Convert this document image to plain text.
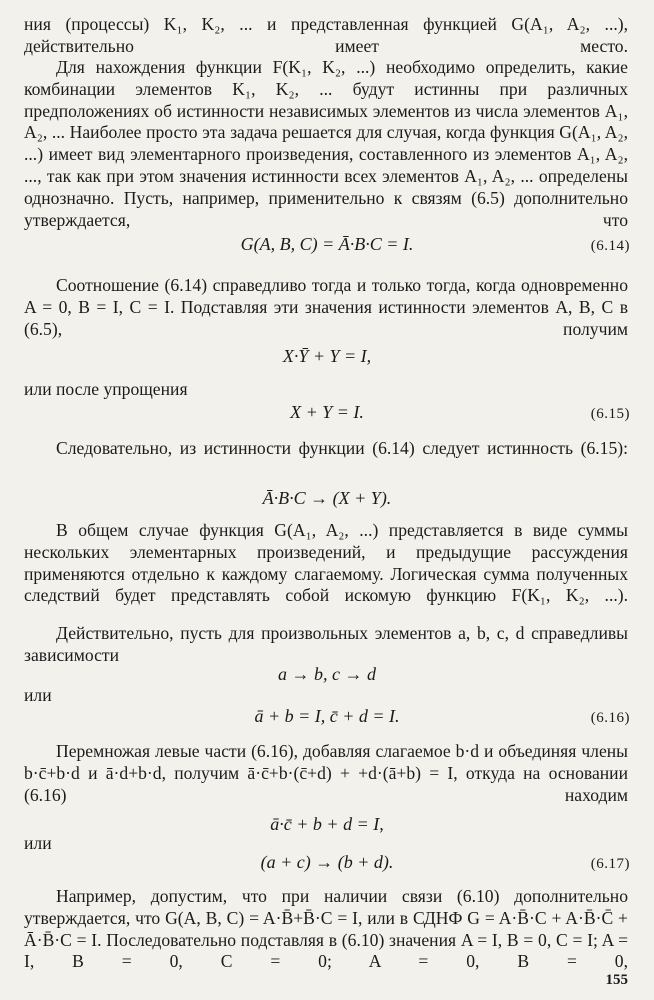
ния (процессы) K₁, K₂, ... и представленная функцией G(A₁, A₂, ...), действительно имеет место.

Для нахождения функции F(K₁, K₂, ...) необходимо определить, какие комбинации элементов K₁, K₂, ... будут истинны при различных предположениях об истинности независимых элементов из числа элементов A₁, A₂, ... Наиболее просто эта задача решается для случая, когда функция G(A₁, A₂, ...) имеет вид элементарного произведения, составленного из элементов A₁, A₂, ..., так как при этом значения истинности всех элементов A₁, A₂, ... определены однозначно. Пусть, например, применительно к связям (6.5) дополнительно утверждается, что

G(A, B, C) = Ā·B·C = I.	(6.14)

Соотношение (6.14) справедливо тогда и только тогда, когда одновременно A = 0, B = I, C = I. Подставляя эти значения истинности элементов A, B, C в (6.5), получим

X·Ȳ + Y = I,

или после упрощения

X + Y = I.	(6.15)

Следовательно, из истинности функции (6.14) следует истинность (6.15):

Ā·B·C → (X + Y).

В общем случае функция G(A₁, A₂, ...) представляется в виде суммы нескольких элементарных произведений, и предыдущие рассуждения применяются отдельно к каждому слагаемому. Логическая сумма полученных следствий будет представлять собой искомую функцию F(K₁, K₂, ...).

Действительно, пусть для произвольных элементов a, b, c, d справедливы зависимости

a → b, c → d

или

ā + b = I, c̄ + d = I.	(6.16)

Перемножая левые части (6.16), добавляя слагаемое b·d и объединяя члены b·c̄+b·d и ā·d+b·d, получим ā·c̄+b·(c̄+d) + +d·(ā+b) = I, откуда на основании (6.16) находим

ā·c̄ + b + d = I,

или

(a + c) → (b + d).	(6.17)

Например, допустим, что при наличии связи (6.10) дополнительно утверждается, что G(A, B, C) = A·B̄+B̄·C = I, или в СДНФ G = A·B̄·C + A·B̄·C̄ + Ā·B̄·C = I. Последовательно подставляя в (6.10) значения A = I, B = 0, C = I; A = I, B = 0, C = 0; A = 0, B = 0,

155
